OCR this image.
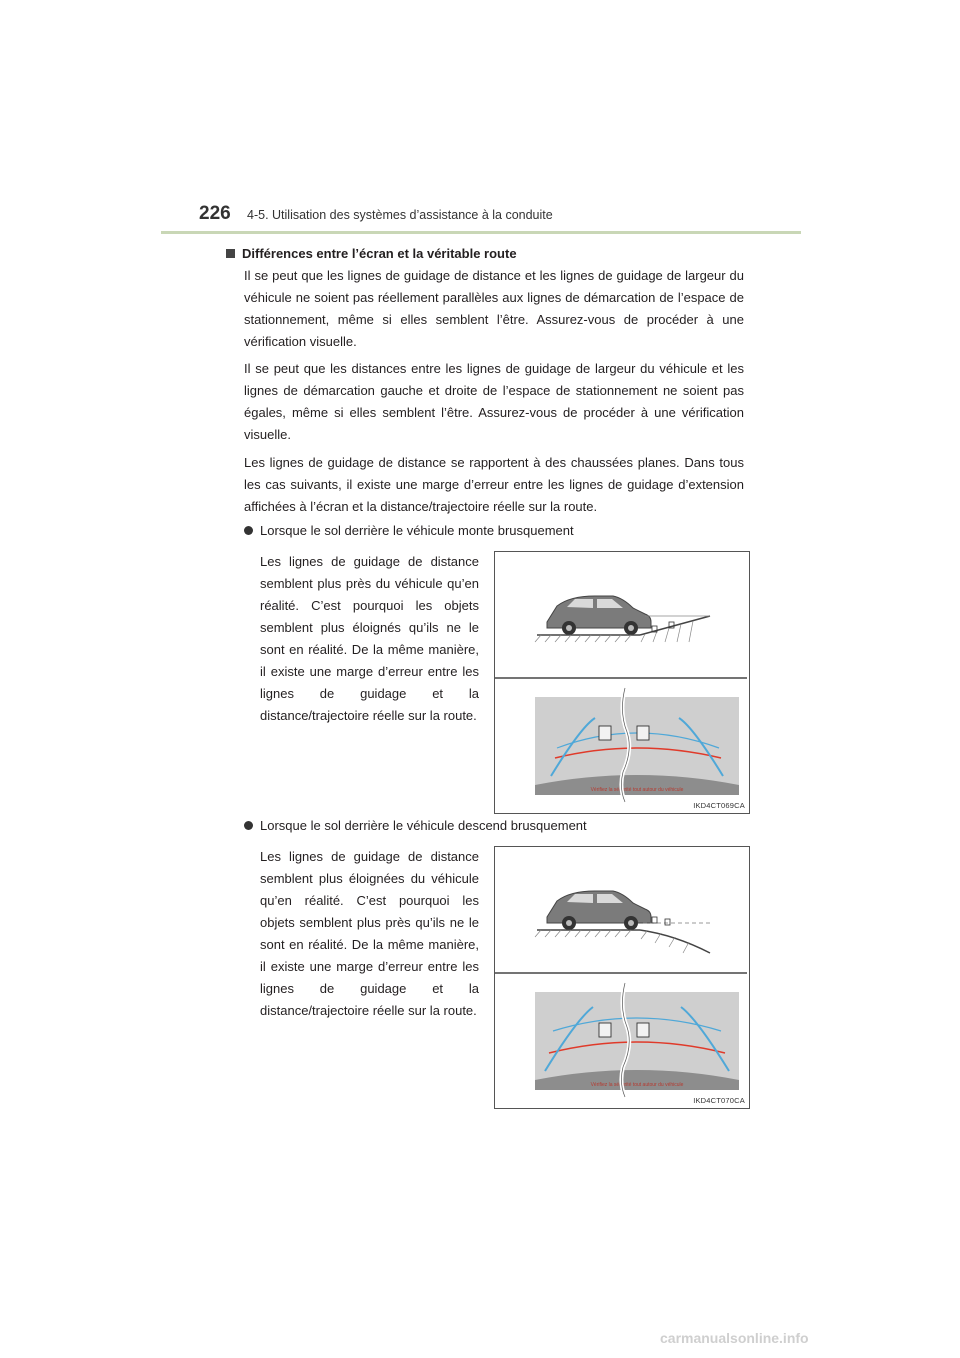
226 4-5. Utilisation des systèmes d’assistance à la conduite
Différences entre l’écran et la véritable route

Il se peut que les lignes de guidage de distance et les lignes de guidage de largeur du véhicule ne soient pas réellement parallèles aux lignes de démarcation de l’espace de stationnement, même si elles semblent l’être. Assurez-vous de procéder à une vérification visuelle.

Il se peut que les distances entre les lignes de guidage de largeur du véhicule et les lignes de démarcation gauche et droite de l’espace de stationnement ne soient pas égales, même si elles semblent l’être. Assurez-vous de procéder à une vérification visuelle.

Les lignes de guidage de distance se rapportent à des chaussées planes. Dans tous les cas suivants, il existe une marge d’erreur entre les lignes de guidage d’extension affichées à l’écran et la distance/trajectoire réelle sur la route.

Lorsque le sol derrière le véhicule monte brusquement

Les lignes de guidage de distance semblent plus près du véhicule qu’en réalité. C’est pourquoi les objets semblent plus éloignés qu’ils ne le sont en réalité. De la même manière, il existe une marge d’erreur entre les lignes de guidage et la distance/trajectoire réelle sur la route.

Vérifiez la sécurité tout autour du véhicule
IKD4CT069CA
Lorsque le sol derrière le véhicule descend brusquement

Les lignes de guidage de distance semblent plus éloignées du véhicule qu’en réalité. C’est pourquoi les objets semblent plus près qu’ils ne le sont en réalité. De la même manière, il existe une marge d’erreur entre les lignes de guidage et la distance/trajectoire réelle sur la route.

Vérifiez la sécurité tout autour du véhicule
IKD4CT070CA
carmanualsonline.info
